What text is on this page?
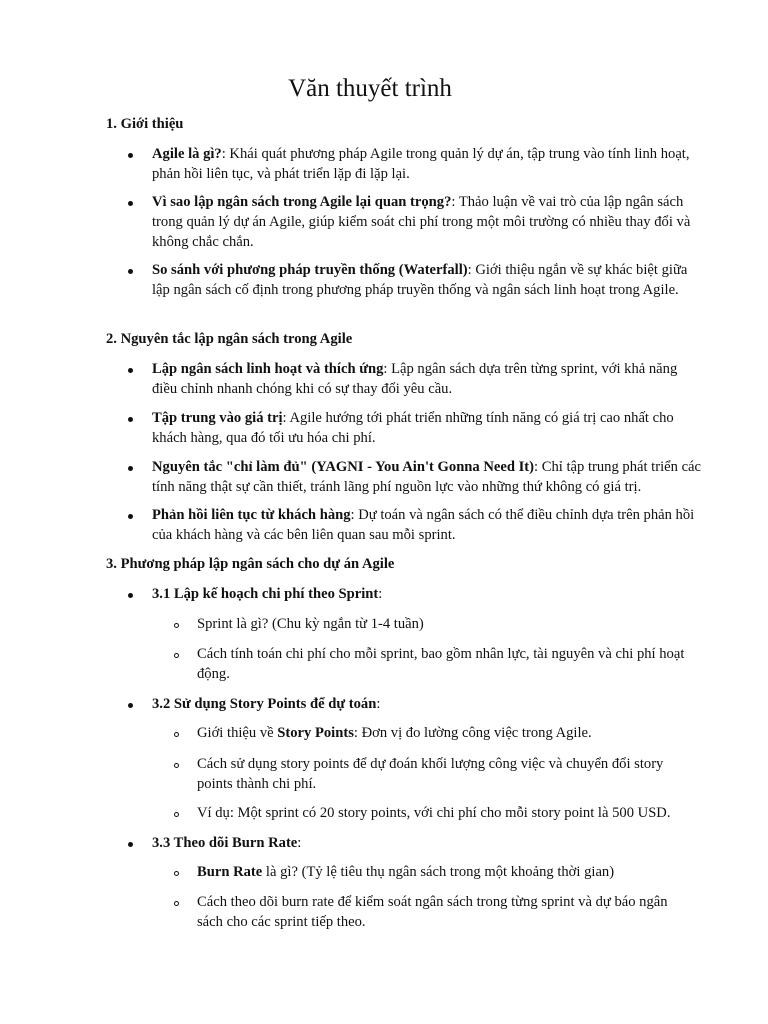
Văn thuyết trình
1. Giới thiệu
Agile là gì?: Khái quát phương pháp Agile trong quản lý dự án, tập trung vào tính linh hoạt, phản hồi liên tục, và phát triển lặp đi lặp lại.
Vì sao lập ngân sách trong Agile lại quan trọng?: Thảo luận về vai trò của lập ngân sách trong quản lý dự án Agile, giúp kiểm soát chi phí trong một môi trường có nhiều thay đổi và không chắc chắn.
So sánh với phương pháp truyền thống (Waterfall): Giới thiệu ngắn về sự khác biệt giữa lập ngân sách cố định trong phương pháp truyền thống và ngân sách linh hoạt trong Agile.
2. Nguyên tắc lập ngân sách trong Agile
Lập ngân sách linh hoạt và thích ứng: Lập ngân sách dựa trên từng sprint, với khả năng điều chỉnh nhanh chóng khi có sự thay đổi yêu cầu.
Tập trung vào giá trị: Agile hướng tới phát triển những tính năng có giá trị cao nhất cho khách hàng, qua đó tối ưu hóa chi phí.
Nguyên tắc "chỉ làm đủ" (YAGNI - You Ain't Gonna Need It): Chỉ tập trung phát triển các tính năng thật sự cần thiết, tránh lãng phí nguồn lực vào những thứ không có giá trị.
Phản hồi liên tục từ khách hàng: Dự toán và ngân sách có thể điều chỉnh dựa trên phản hồi của khách hàng và các bên liên quan sau mỗi sprint.
3. Phương pháp lập ngân sách cho dự án Agile
3.1 Lập kế hoạch chi phí theo Sprint:
Sprint là gì? (Chu kỳ ngắn từ 1-4 tuần)
Cách tính toán chi phí cho mỗi sprint, bao gồm nhân lực, tài nguyên và chi phí hoạt động.
3.2 Sử dụng Story Points để dự toán:
Giới thiệu về Story Points: Đơn vị đo lường công việc trong Agile.
Cách sử dụng story points để dự đoán khối lượng công việc và chuyển đổi story points thành chi phí.
Ví dụ: Một sprint có 20 story points, với chi phí cho mỗi story point là 500 USD.
3.3 Theo dõi Burn Rate:
Burn Rate là gì? (Tỷ lệ tiêu thụ ngân sách trong một khoảng thời gian)
Cách theo dõi burn rate để kiểm soát ngân sách trong từng sprint và dự báo ngân sách cho các sprint tiếp theo.
